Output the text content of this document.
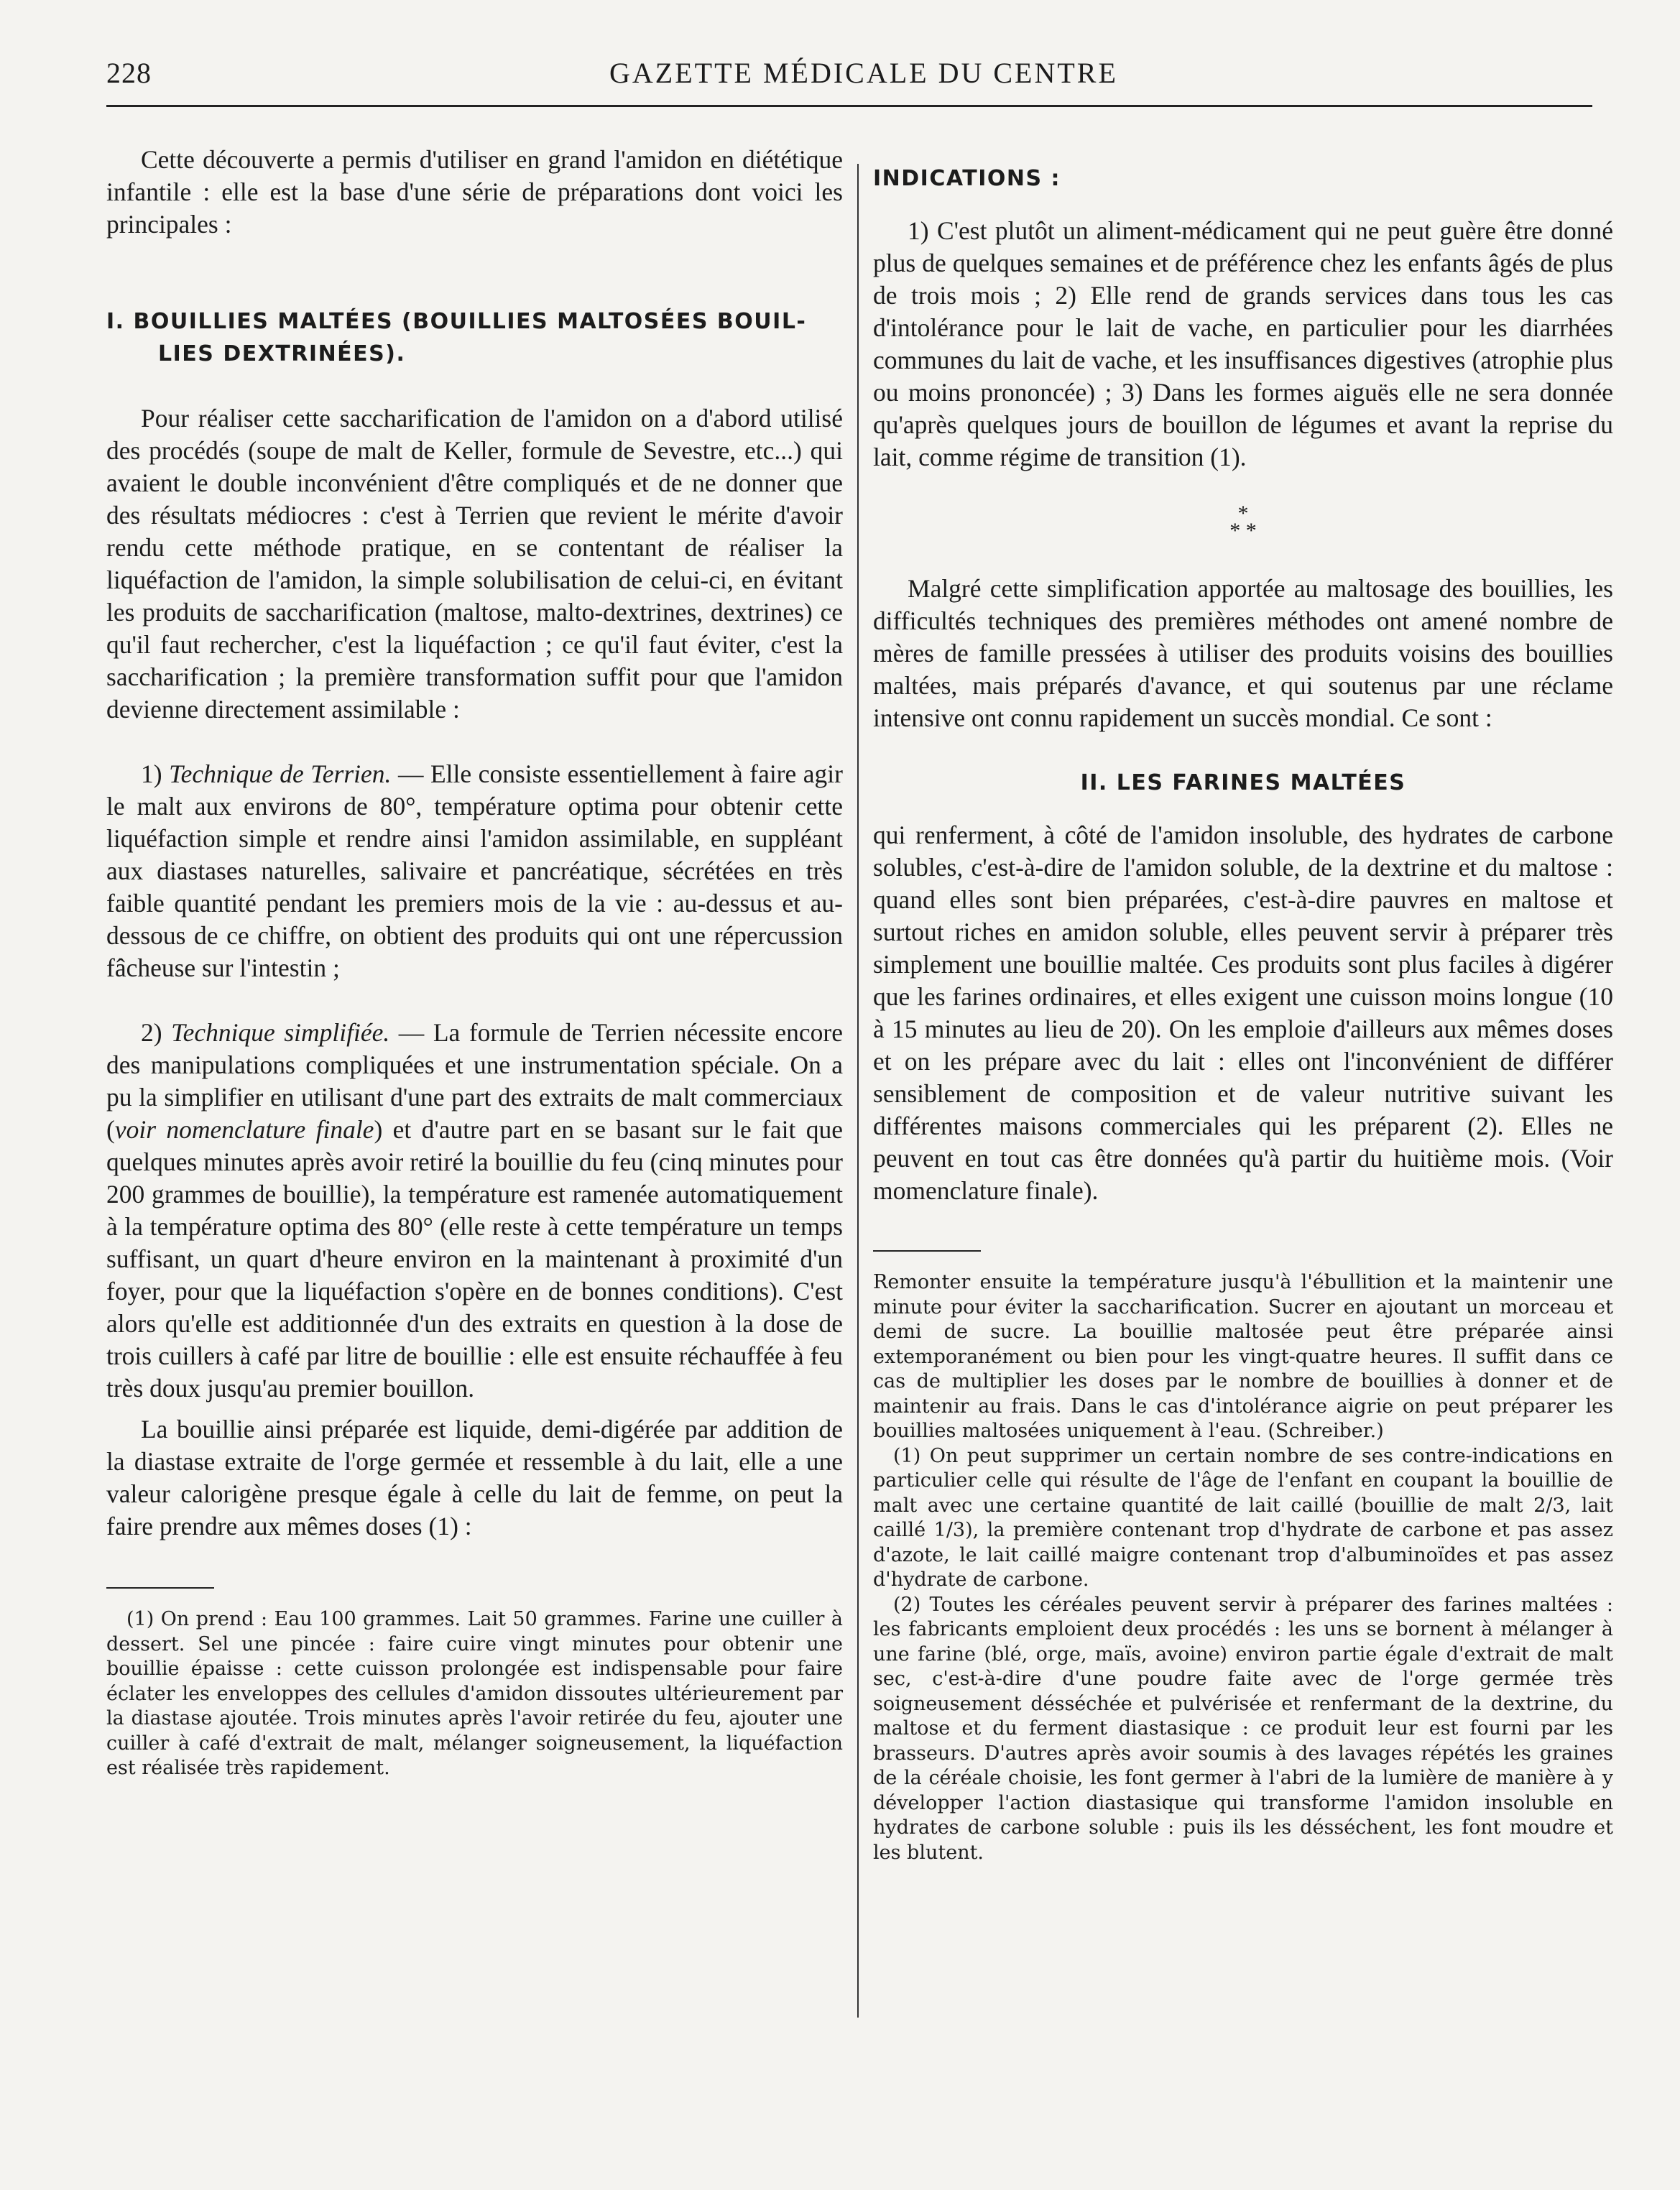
228	GAZETTE MÉDICALE DU CENTRE

Cette découverte a permis d'utiliser en grand l'amidon en diététique infantile : elle est la base d'une série de préparations dont voici les principales :

I. BOUILLIES MALTÉES (BOUILLIES MALTOSÉES BOUIL-
LIES DEXTRINÉES).

Pour réaliser cette saccharification de l'amidon on a d'abord utilisé des procédés (soupe de malt de Keller, formule de Sevestre, etc...) qui avaient le double inconvénient d'être compliqués et de ne donner que des résultats médiocres : c'est à Terrien que revient le mérite d'avoir rendu cette méthode pratique, en se contentant de réaliser la liquéfaction de l'amidon, la simple solubilisation de celui-ci, en évitant les produits de saccharification (maltose, malto-dextrines, dextrines) ce qu'il faut rechercher, c'est la liquéfaction ; ce qu'il faut éviter, c'est la saccharification ; la première transformation suffit pour que l'amidon devienne directement assimilable :

1) Technique de Terrien. — Elle consiste essentiellement à faire agir le malt aux environs de 80°, température optima pour obtenir cette liquéfaction simple et rendre ainsi l'amidon assimilable, en suppléant aux diastases naturelles, salivaire et pancréatique, sécrétées en très faible quantité pendant les premiers mois de la vie : au-dessus et au-dessous de ce chiffre, on obtient des produits qui ont une répercussion fâcheuse sur l'intestin ;

2) Technique simplifiée. — La formule de Terrien nécessite encore des manipulations compliquées et une instrumentation spéciale. On a pu la simplifier en utilisant d'une part des extraits de malt commerciaux (voir nomenclature finale) et d'autre part en se basant sur le fait que quelques minutes après avoir retiré la bouillie du feu (cinq minutes pour 200 grammes de bouillie), la température est ramenée automatiquement à la température optima des 80° (elle reste à cette température un temps suffisant, un quart d'heure environ en la maintenant à proximité d'un foyer, pour que la liquéfaction s'opère en de bonnes conditions). C'est alors qu'elle est additionnée d'un des extraits en question à la dose de trois cuillers à café par litre de bouillie : elle est ensuite réchauffée à feu très doux jusqu'au premier bouillon.

La bouillie ainsi préparée est liquide, demi-digérée par addition de la diastase extraite de l'orge germée et ressemble à du lait, elle a une valeur calorigène presque égale à celle du lait de femme, on peut la faire prendre aux mêmes doses (1) :

(1) On prend : Eau 100 grammes. Lait 50 grammes. Farine une cuiller à dessert. Sel une pincée : faire cuire vingt minutes pour obtenir une bouillie épaisse : cette cuisson prolongée est indispensable pour faire éclater les enveloppes des cellules d'amidon dissoutes ultérieurement par la diastase ajoutée. Trois minutes après l'avoir retirée du feu, ajouter une cuiller à café d'extrait de malt, mélanger soigneusement, la liquéfaction est réalisée très rapidement.

INDICATIONS :

1) C'est plutôt un aliment-médicament qui ne peut guère être donné plus de quelques semaines et de préférence chez les enfants âgés de plus de trois mois ; 2) Elle rend de grands services dans tous les cas d'intolérance pour le lait de vache, en particulier pour les diarrhées communes du lait de vache, et les insuffisances digestives (atrophie plus ou moins prononcée) ; 3) Dans les formes aiguës elle ne sera donnée qu'après quelques jours de bouillon de légumes et avant la reprise du lait, comme régime de transition (1).

*
* *

Malgré cette simplification apportée au maltosage des bouillies, les difficultés techniques des premières méthodes ont amené nombre de mères de famille pressées à utiliser des produits voisins des bouillies maltées, mais préparés d'avance, et qui soutenus par une réclame intensive ont connu rapidement un succès mondial. Ce sont :

II. LES FARINES MALTÉES

qui renferment, à côté de l'amidon insoluble, des hydrates de carbone solubles, c'est-à-dire de l'amidon soluble, de la dextrine et du maltose : quand elles sont bien préparées, c'est-à-dire pauvres en maltose et surtout riches en amidon soluble, elles peuvent servir à préparer très simplement une bouillie maltée. Ces produits sont plus faciles à digérer que les farines ordinaires, et elles exigent une cuisson moins longue (10 à 15 minutes au lieu de 20). On les emploie d'ailleurs aux mêmes doses et on les prépare avec du lait : elles ont l'inconvénient de différer sensiblement de composition et de valeur nutritive suivant les différentes maisons commerciales qui les préparent (2). Elles ne peuvent en tout cas être données qu'à partir du huitième mois. (Voir momenclature finale).

Remonter ensuite la température jusqu'à l'ébullition et la maintenir une minute pour éviter la saccharification. Sucrer en ajoutant un morceau et demi de sucre. La bouillie maltosée peut être préparée ainsi extemporanément ou bien pour les vingt-quatre heures. Il suffit dans ce cas de multiplier les doses par le nombre de bouillies à donner et de maintenir au frais. Dans le cas d'intolérance aigrie on peut préparer les bouillies maltosées uniquement à l'eau. (Schreiber.)

(1) On peut supprimer un certain nombre de ses contre-indications en particulier celle qui résulte de l'âge de l'enfant en coupant la bouillie de malt avec une certaine quantité de lait caillé (bouillie de malt 2/3, lait caillé 1/3), la première contenant trop d'hydrate de carbone et pas assez d'azote, le lait caillé maigre contenant trop d'albuminoïdes et pas assez d'hydrate de carbone.

(2) Toutes les céréales peuvent servir à préparer des farines maltées : les fabricants emploient deux procédés : les uns se bornent à mélanger à une farine (blé, orge, maïs, avoine) environ partie égale d'extrait de malt sec, c'est-à-dire d'une poudre faite avec de l'orge germée très soigneusement désséchée et pulvérisée et renfermant de la dextrine, du maltose et du ferment diastasique : ce produit leur est fourni par les brasseurs. D'autres après avoir soumis à des lavages répétés les graines de la céréale choisie, les font germer à l'abri de la lumière de manière à y développer l'action diastasique qui transforme l'amidon insoluble en hydrates de carbone soluble : puis ils les désséchent, les font moudre et les blutent.
